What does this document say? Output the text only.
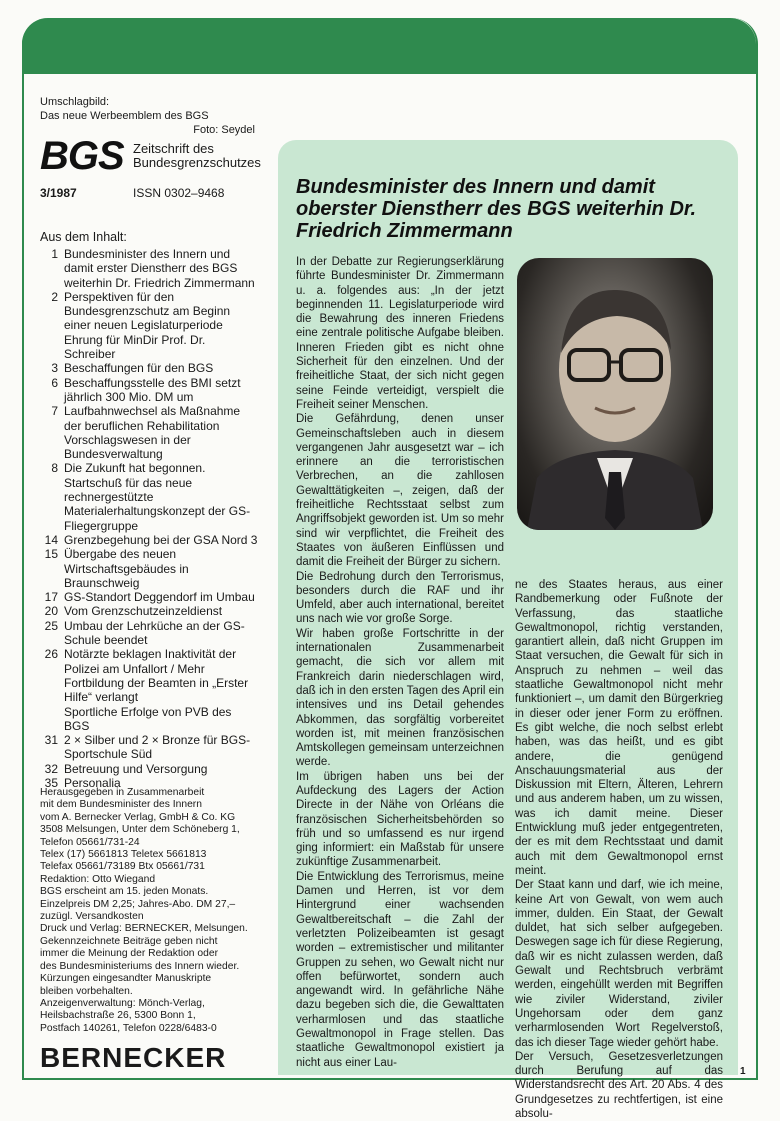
Umschlagbild:
Das neue Werbeemblem des BGS
Foto: Seydel
BGS Zeitschrift des
Bundesgrenzschutzes
3/1987	ISSN 0302–9468
Aus dem Inhalt:
1 Bundesminister des Innern und damit erster Dienstherr des BGS weiterhin Dr. Friedrich Zimmermann
2 Perspektiven für den Bundesgrenzschutz am Beginn einer neuen Legislaturperiode
Ehrung für MinDir Prof. Dr. Schreiber
3 Beschaffungen für den BGS
6 Beschaffungsstelle des BMI setzt jährlich 300 Mio. DM um
7 Laufbahnwechsel als Maßnahme der beruflichen Rehabilitation
Vorschlagswesen in der Bundesverwaltung
8 Die Zukunft hat begonnen. Startschuß für das neue rechnergestützte Materialerhaltungskonzept der GS-Fliegergruppe
14 Grenzbegehung bei der GSA Nord 3
15 Übergabe des neuen Wirtschaftsgebäudes in Braunschweig
17 GS-Standort Deggendorf im Umbau
20 Vom Grenzschutzeinzeldienst
25 Umbau der Lehrküche an der GS-Schule beendet
26 Notärzte beklagen Inaktivität der Polizei am Unfallort / Mehr Fortbildung der Beamten in „Erster Hilfe“ verlangt
Sportliche Erfolge von PVB des BGS
31 2 × Silber und 2 × Bronze für BGS-Sportschule Süd
32 Betreuung und Versorgung
35 Personalia
Herausgegeben in Zusammenarbeit
mit dem Bundesminister des Innern
vom A. Bernecker Verlag, GmbH & Co. KG
3508 Melsungen, Unter dem Schöneberg 1,
Telefon 05661/731-24
Telex (17) 5661813 Teletex 5661813
Telefax 05661/73189 Btx 05661/731
Redaktion: Otto Wiegand
BGS erscheint am 15. jeden Monats.
Einzelpreis DM 2,25; Jahres-Abo. DM 27,–
zuzügl. Versandkosten
Druck und Verlag: BERNECKER, Melsungen.
Gekennzeichnete Beiträge geben nicht
immer die Meinung der Redaktion oder
des Bundesministeriums des Innern wieder.
Kürzungen eingesandter Manuskripte
bleiben vorbehalten.
Anzeigenverwaltung: Mönch-Verlag,
Heilsbachstraße 26, 5300 Bonn 1,
Postfach 140261, Telefon 0228/6483-0
BERNECKER
Bundesminister des Innern und damit oberster Dienstherr des BGS weiterhin Dr. Friedrich Zimmermann

In der Debatte zur Regierungserklärung führte Bundesminister Dr. Zimmermann u. a. folgendes aus: „In der jetzt beginnenden 11. Legislaturperiode wird die Bewahrung des inneren Friedens eine zentrale politische Aufgabe bleiben. Inneren Frieden gibt es nicht ohne Sicherheit für den einzelnen. Und der freiheitliche Staat, der sich nicht gegen seine Feinde verteidigt, verspielt die Freiheit seiner Menschen.

Die Gefährdung, denen unser Gemeinschaftsleben auch in diesem vergangenen Jahr ausgesetzt war – ich erinnere an die terroristischen Verbrechen, an die zahllosen Gewalttätigkeiten –, zeigen, daß der freiheitliche Rechtsstaat selbst zum Angriffsobjekt geworden ist. Um so mehr sind wir verpflichtet, die Freiheit des Staates von äußeren Einflüssen und damit die Freiheit der Bürger zu sichern.

Die Bedrohung durch den Terrorismus, besonders durch die RAF und ihr Umfeld, aber auch international, bereitet uns nach wie vor große Sorge.

Wir haben große Fortschritte in der internationalen Zusammenarbeit gemacht, die sich vor allem mit Frankreich darin niederschlagen wird, daß ich in den ersten Tagen des April ein intensives und ins Detail gehendes Abkommen, das sorgfältig vorbereitet worden ist, mit meinen französischen Amtskollegen gemeinsam unterzeichnen werde.

Im übrigen haben uns bei der Aufdeckung des Lagers der Action Directe in der Nähe von Orléans die französischen Sicherheitsbehörden so früh und so umfassend es nur irgend ging informiert: ein Maßstab für unsere zukünftige Zusammenarbeit.

Die Entwicklung des Terrorismus, meine Damen und Herren, ist vor dem Hintergrund einer wachsenden Gewaltbereitschaft – die Zahl der verletzten Polizeibeamten ist gesagt worden – extremistischer und militanter Gruppen zu sehen, wo Gewalt nicht nur offen befürwortet, sondern auch angewandt wird. In gefährliche Nähe dazu begeben sich die, die Gewalttaten verharmlosen und das staatliche Gewaltmonopol in Frage stellen. Das staatliche Gewaltmonopol existiert ja nicht aus einer Lau-

ne des Staates heraus, aus einer Randbemerkung oder Fußnote der Verfassung, das staatliche Gewaltmonopol, richtig verstanden, garantiert allein, daß nicht Gruppen im Staat versuchen, die Gewalt für sich in Anspruch zu nehmen – weil das staatliche Gewaltmonopol nicht mehr funktioniert –, um damit den Bürgerkrieg in dieser oder jener Form zu eröffnen. Es gibt welche, die noch selbst erlebt haben, was das heißt, und es gibt andere, die genügend Anschauungsmaterial aus der Diskussion mit Eltern, Älteren, Lehrern und aus anderem haben, um zu wissen, was ich damit meine. Dieser Entwicklung muß jeder entgegentreten, der es mit dem Rechtsstaat und damit auch mit dem Gewaltmonopol ernst meint.

Der Staat kann und darf, wie ich meine, keine Art von Gewalt, von wem auch immer, dulden. Ein Staat, der Gewalt duldet, hat sich selber aufgegeben. Deswegen sage ich für diese Regierung, daß wir es nicht zulassen werden, daß Gewalt und Rechtsbruch verbrämt werden, eingehüllt werden mit Begriffen wie ziviler Widerstand, ziviler Ungehorsam oder dem ganz verharmlosenden Wort Regelverstoß, das ich dieser Tage wieder gehört habe.

Der Versuch, Gesetzesverletzungen durch Berufung auf das Widerstandsrecht des Art. 20 Abs. 4 des Grundgesetzes zu rechtfertigen, ist eine absolu-

1
